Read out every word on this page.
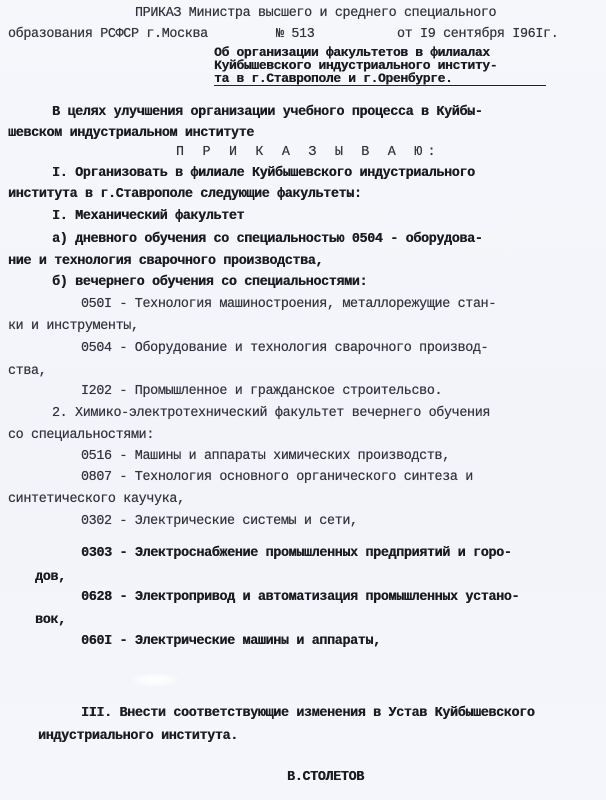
ПРИКАЗ Министра высшего и среднего специального
образования РСФСР г.Москва	№ 513	от I9 сентября I96Iг.
Об организации факультетов в филиалах
Куйбышевского индустриального институ-
та в г.Ставрополе и г.Оренбурге.
В целях улучшения организации учебного процесса в Куйбы-
шевском индустриальном институте
П Р И К А З Ы В А Ю:
I. Организовать в филиале Куйбышевского индустриального
института в г.Ставрополе следующие факультеты:
I. Механический факультет
а) дневного обучения со специальностью 0504 - оборудова-
ние и технология сварочного производства,
б) вечернего обучения со специальностями:
050I - Технология машиностроения, металлорежущие стан-
ки и инструменты,
0504 - Оборудование и технология сварочного производ-
ства,
I202 - Промышленное и гражданское строительсво.
2. Химико-электротехнический факультет вечернего обучения
со специальностями:
0516 - Машины и аппараты химических производств,
0807 - Технология основного органического синтеза и
синтетического каучука,
0302 - Электрические системы и сети,
0303 - Электроснабжение промышленных предприятий и горо-
дов,
0628 - Электропривод и автоматизация промышленных устано-
вок,
060I - Электрические машины и аппараты,
III. Внести соответствующие изменения в Устав Куйбышевского
индустриального института.
В.СТОЛЕТОВ
